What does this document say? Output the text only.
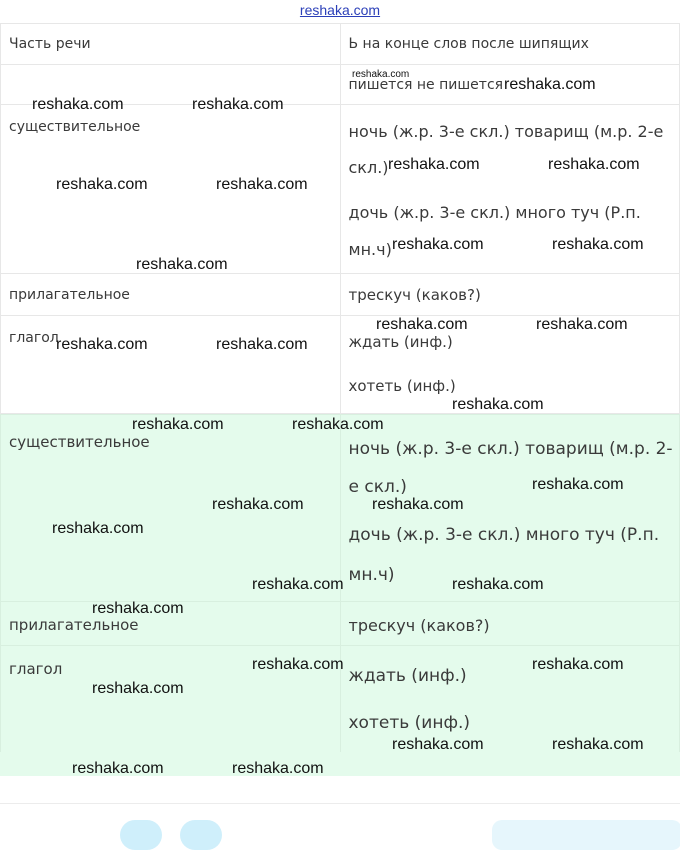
reshaka.com
Часть речи	Ь на конце слов после шипящих

	пишется не пишется

существительное	ночь (ж.р. 3-е скл.) товарищ (м.р. 2-е
скл.)
дочь (ж.р. 3-е скл.) много туч (Р.п.
мн.ч)

прилагательное	трескуч (каков?)

глагол	ждать (инф.)
хотеть (инф.)
существительное	ночь (ж.р. 3-е скл.) товарищ (м.р. 2-
е скл.)
дочь (ж.р. 3-е скл.) много туч (Р.п.
мн.ч)

прилагательное	трескуч (каков?)

глагол	ждать (инф.)
хотеть (инф.)
reshaka.com
reshaka.com
reshaka.com	reshaka.com
reshaka.com	reshaka.com
reshaka.com	reshaka.com
reshaka.com	reshaka.com
reshaka.com
reshaka.com	reshaka.com
reshaka.com	reshaka.com
reshaka.com
reshaka.com	reshaka.com
reshaka.com
reshaka.com	reshaka.com
reshaka.com
reshaka.com	reshaka.com
reshaka.com
reshaka.com	reshaka.com
reshaka.com
reshaka.com	reshaka.com
reshaka.com	reshaka.com
